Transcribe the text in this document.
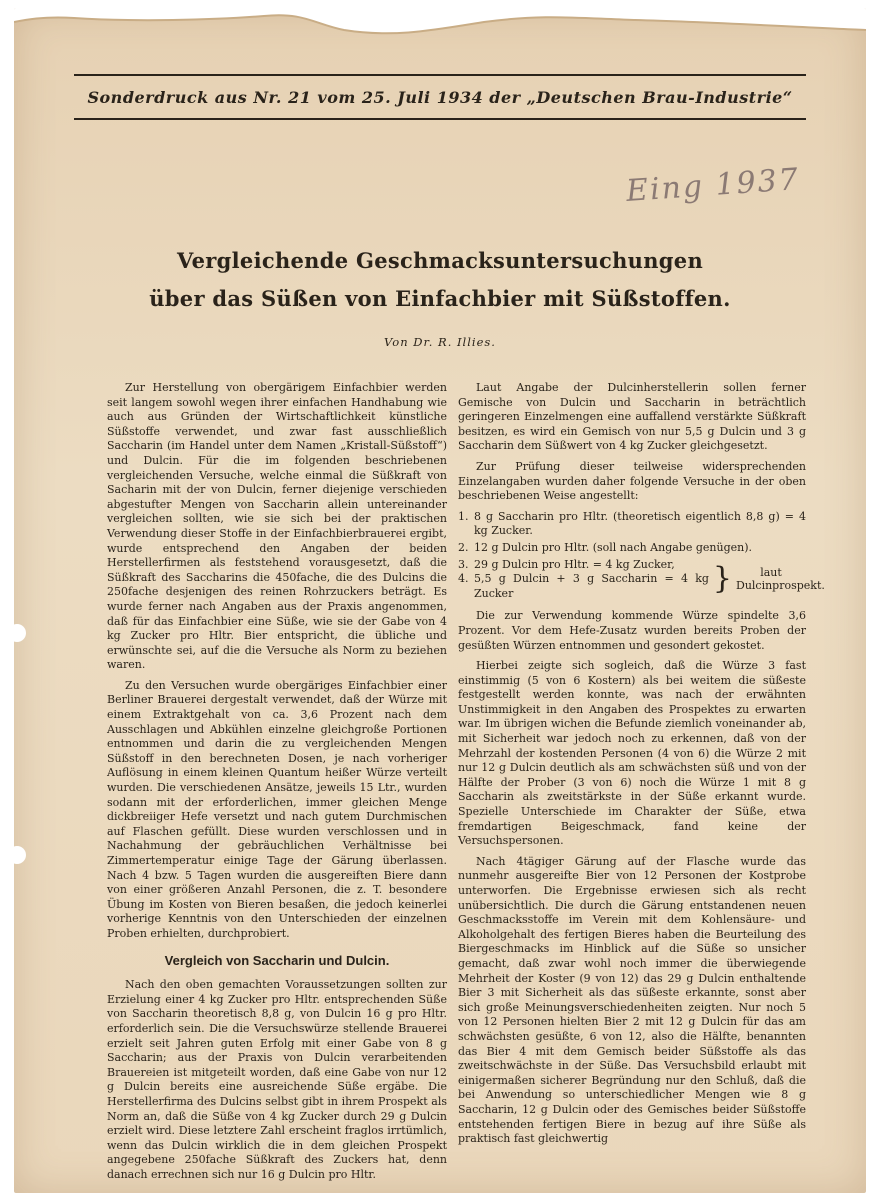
Sonderdruck aus Nr. 21 vom 25. Juli 1934 der „Deutschen Brau-Industrie“
Eing 1937
Vergleichende Geschmacksuntersuchungen
über das Süßen von Einfachbier mit Süßstoffen.
Von Dr. R. Illies.

Zur Herstellung von obergärigem Einfachbier werden seit langem sowohl wegen ihrer einfachen Handhabung wie auch aus Gründen der Wirtschaftlichkeit künstliche Süßstoffe verwendet, und zwar fast ausschließlich Saccharin (im Handel unter dem Namen „Kristall-Süßstoff“) und Dulcin. Für die im folgenden beschriebenen vergleichenden Versuche, welche einmal die Süßkraft von Sacharin mit der von Dulcin, ferner diejenige verschieden abgestufter Mengen von Saccharin allein untereinander vergleichen sollten, wie sie sich bei der praktischen Verwendung dieser Stoffe in der Einfachbierbrauerei ergibt, wurde entsprechend den Angaben der beiden Herstellerfirmen als feststehend vorausgesetzt, daß die Süßkraft des Saccharins die 450fache, die des Dulcins die 250fache desjenigen des reinen Rohrzuckers beträgt. Es wurde ferner nach Angaben aus der Praxis angenommen, daß für das Einfachbier eine Süße, wie sie der Gabe von 4 kg Zucker pro Hltr. Bier entspricht, die übliche und erwünschte sei, auf die die Versuche als Norm zu beziehen waren.

Zu den Versuchen wurde obergäriges Einfachbier einer Berliner Brauerei dergestalt verwendet, daß der Würze mit einem Extraktgehalt von ca. 3,6 Prozent nach dem Ausschlagen und Abkühlen einzelne gleichgroße Portionen entnommen und darin die zu vergleichenden Mengen Süßstoff in den berechneten Dosen, je nach vorheriger Auflösung in einem kleinen Quantum heißer Würze verteilt wurden. Die verschiedenen Ansätze, jeweils 15 Ltr., wurden sodann mit der erforderlichen, immer gleichen Menge dickbreiiger Hefe versetzt und nach gutem Durchmischen auf Flaschen gefüllt. Diese wurden verschlossen und in Nachahmung der gebräuchlichen Verhältnisse bei Zimmertemperatur einige Tage der Gärung überlassen. Nach 4 bzw. 5 Tagen wurden die ausgereiften Biere dann von einer größeren Anzahl Personen, die z. T. besondere Übung im Kosten von Bieren besaßen, die jedoch keinerlei vorherige Kenntnis von den Unterschieden der einzelnen Proben erhielten, durchprobiert.

Vergleich von Saccharin und Dulcin.

Nach den oben gemachten Voraussetzungen sollten zur Erzielung einer 4 kg Zucker pro Hltr. entsprechenden Süße von Saccharin theoretisch 8,8 g, von Dulcin 16 g pro Hltr. erforderlich sein. Die die Versuchswürze stellende Brauerei erzielt seit Jahren guten Erfolg mit einer Gabe von 8 g Saccharin; aus der Praxis von Dulcin verarbeitenden Brauereien ist mitgeteilt worden, daß eine Gabe von nur 12 g Dulcin bereits eine ausreichende Süße ergäbe. Die Herstellerfirma des Dulcins selbst gibt in ihrem Prospekt als Norm an, daß die Süße von 4 kg Zucker durch 29 g Dulcin erzielt wird. Diese letztere Zahl erscheint fraglos irrtümlich, wenn das Dulcin wirklich die in dem gleichen Prospekt angegebene 250fache Süßkraft des Zuckers hat, denn danach errechnen sich nur 16 g Dulcin pro Hltr.

Laut Angabe der Dulcinherstellerin sollen ferner Gemische von Dulcin und Saccharin in beträchtlich geringeren Einzelmengen eine auffallend verstärkte Süßkraft besitzen, es wird ein Gemisch von nur 5,5 g Dulcin und 3 g Saccharin dem Süßwert von 4 kg Zucker gleichgesetzt.

Zur Prüfung dieser teilweise widersprechenden Einzelangaben wurden daher folgende Versuche in der oben beschriebenen Weise angestellt:

1. 8 g Saccharin pro Hltr. (theoretisch eigentlich 8,8 g) = 4 kg Zucker.
2. 12 g Dulcin pro Hltr. (soll nach Angabe genügen).
3. 29 g Dulcin pro Hltr. = 4 kg Zucker,
4. 5,5 g Dulcin + 3 g Saccharin = 4 kg Zucker	}	laut Dulcinprospekt.

Die zur Verwendung kommende Würze spindelte 3,6 Prozent. Vor dem Hefe-Zusatz wurden bereits Proben der gesüßten Würzen entnommen und gesondert gekostet.

Hierbei zeigte sich sogleich, daß die Würze 3 fast einstimmig (5 von 6 Kostern) als bei weitem die süßeste festgestellt werden konnte, was nach der erwähnten Unstimmigkeit in den Angaben des Prospektes zu erwarten war. Im übrigen wichen die Befunde ziemlich voneinander ab, mit Sicherheit war jedoch noch zu erkennen, daß von der Mehrzahl der kostenden Personen (4 von 6) die Würze 2 mit nur 12 g Dulcin deutlich als am schwächsten süß und von der Hälfte der Prober (3 von 6) noch die Würze 1 mit 8 g Saccharin als zweitstärkste in der Süße erkannt wurde. Spezielle Unterschiede im Charakter der Süße, etwa fremdartigen Beigeschmack, fand keine der Versuchspersonen.

Nach 4tägiger Gärung auf der Flasche wurde das nunmehr ausgereifte Bier von 12 Personen der Kostprobe unterworfen. Die Ergebnisse erwiesen sich als recht unübersichtlich. Die durch die Gärung entstandenen neuen Geschmacksstoffe im Verein mit dem Kohlensäure- und Alkoholgehalt des fertigen Bieres haben die Beurteilung des Biergeschmacks im Hinblick auf die Süße so unsicher gemacht, daß zwar wohl noch immer die überwiegende Mehrheit der Koster (9 von 12) das 29 g Dulcin enthaltende Bier 3 mit Sicherheit als das süßeste erkannte, sonst aber sich große Meinungsverschiedenheiten zeigten. Nur noch 5 von 12 Personen hielten Bier 2 mit 12 g Dulcin für das am schwächsten gesüßte, 6 von 12, also die Hälfte, benannten das Bier 4 mit dem Gemisch beider Süßstoffe als das zweitschwächste in der Süße. Das Versuchsbild erlaubt mit einigermaßen sicherer Begründung nur den Schluß, daß die bei Anwendung so unterschiedlicher Mengen wie 8 g Saccharin, 12 g Dulcin oder des Gemisches beider Süßstoffe entstehenden fertigen Biere in bezug auf ihre Süße als praktisch fast gleichwertig
